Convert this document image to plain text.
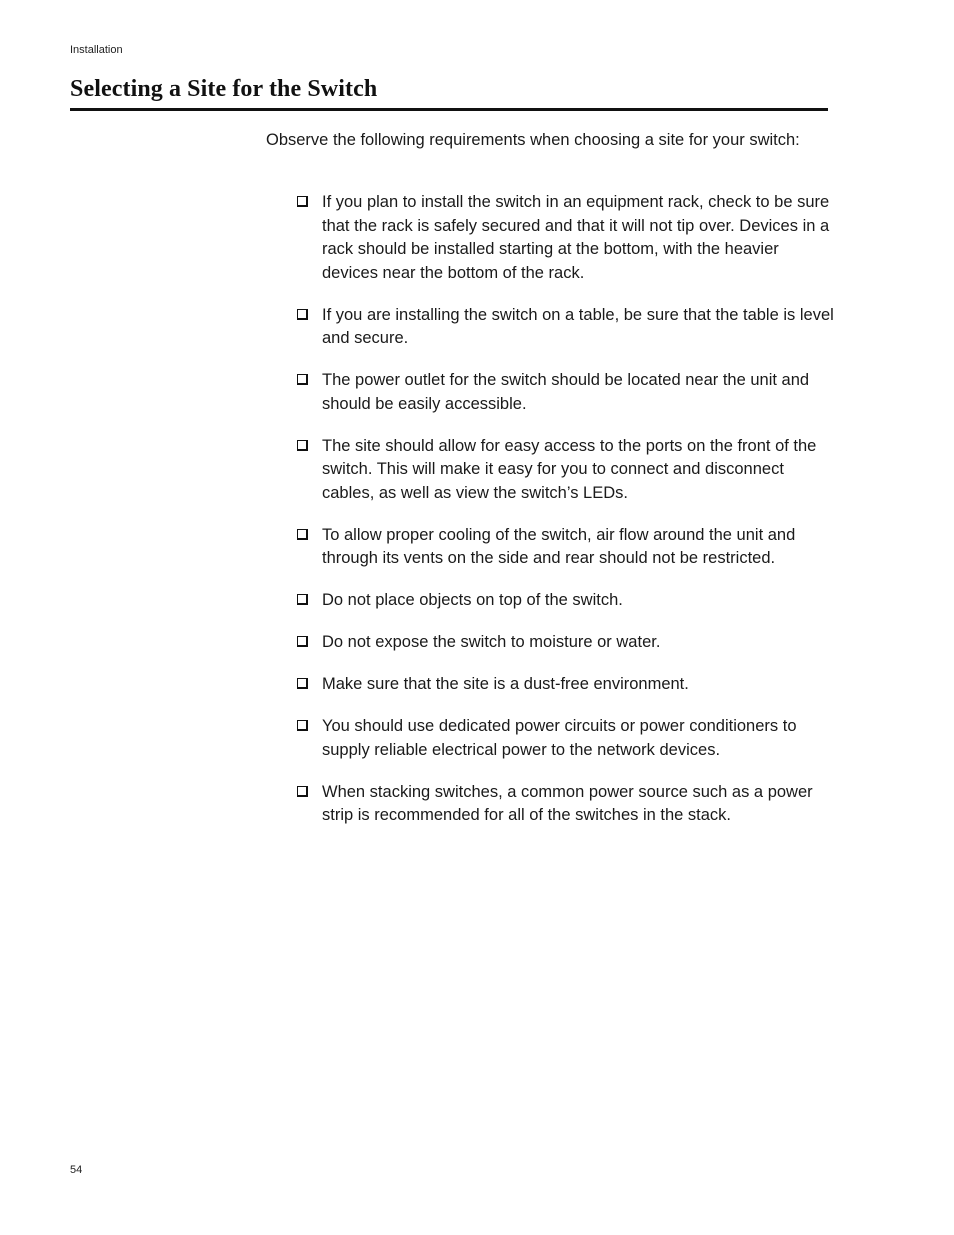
Installation
Selecting a Site for the Switch

Observe the following requirements when choosing a site for your switch:

If you plan to install the switch in an equipment rack, check to be sure that the rack is safely secured and that it will not tip over. Devices in a rack should be installed starting at the bottom, with the heavier devices near the bottom of the rack.
If you are installing the switch on a table, be sure that the table is level and secure.
The power outlet for the switch should be located near the unit and should be easily accessible.
The site should allow for easy access to the ports on the front of the switch. This will make it easy for you to connect and disconnect cables, as well as view the switch’s LEDs.
To allow proper cooling of the switch, air flow around the unit and through its vents on the side and rear should not be restricted.
Do not place objects on top of the switch.
Do not expose the switch to moisture or water.
Make sure that the site is a dust-free environment.
You should use dedicated power circuits or power conditioners to supply reliable electrical power to the network devices.
When stacking switches, a common power source such as a power strip is recommended for all of the switches in the stack.
54
